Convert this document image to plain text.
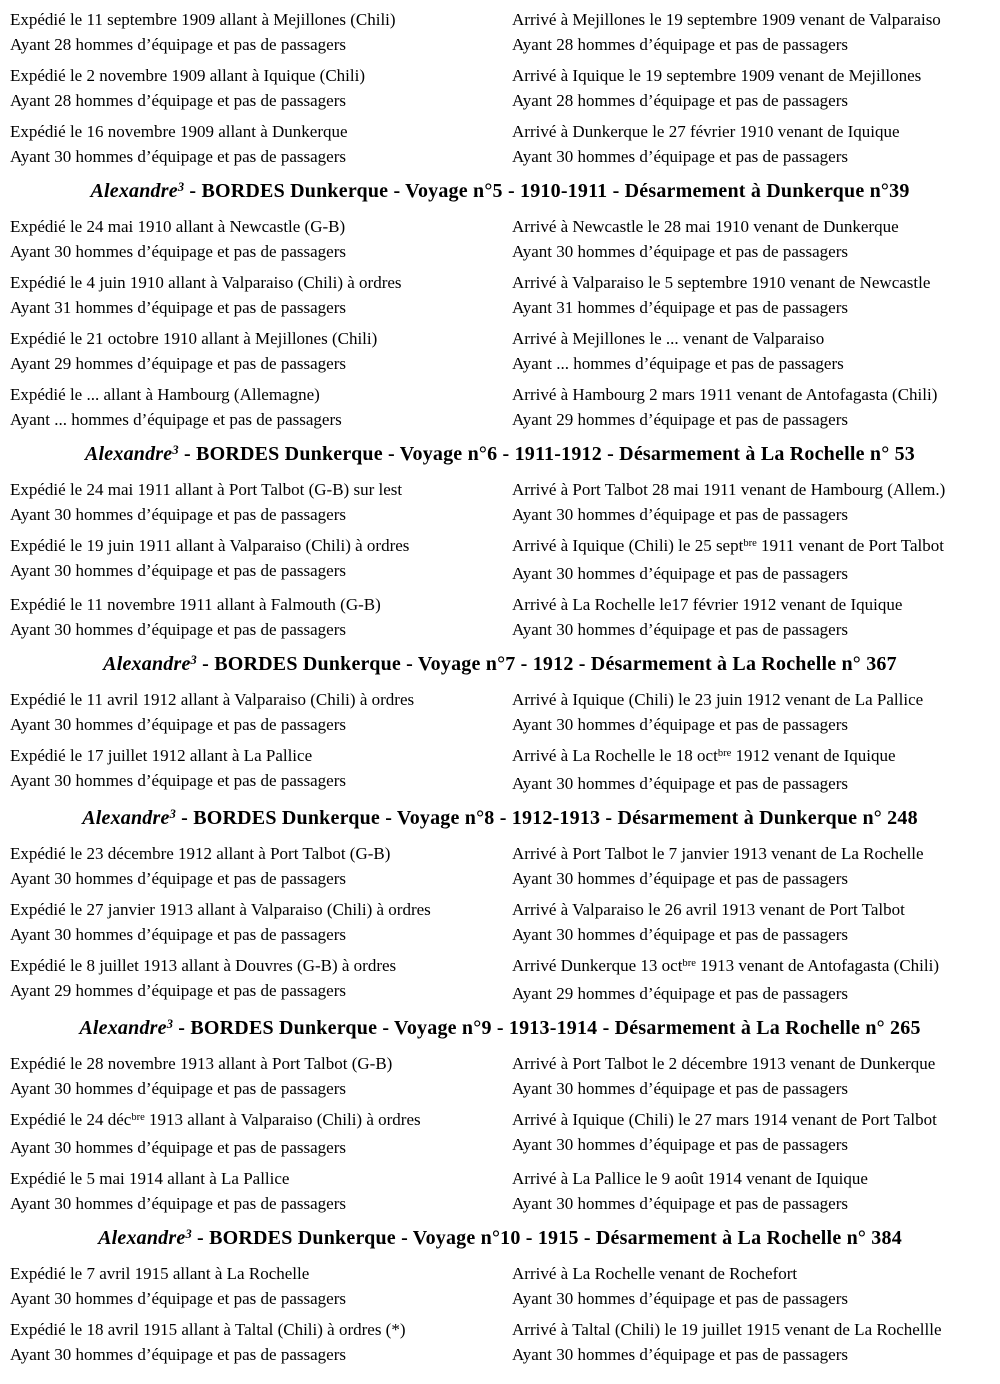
Expédié le 11 septembre 1909 allant à Mejillones (Chili)
Ayant 28 hommes d’équipage et pas de passagers
Arrivé à Mejillones le 19 septembre 1909 venant de Valparaiso
Ayant 28 hommes d’équipage et pas de passagers
Expédié le 2 novembre 1909 allant à Iquique (Chili)
Ayant 28 hommes d’équipage et pas de passagers
Arrivé à Iquique le 19 septembre 1909 venant de Mejillones
Ayant 28 hommes d’équipage et pas de passagers
Expédié le 16 novembre 1909 allant à Dunkerque
Ayant 30 hommes d’équipage et pas de passagers
Arrivé à Dunkerque le 27 février 1910 venant de Iquique
Ayant 30 hommes d’équipage et pas de passagers
Alexandre$^3$ - BORDES Dunkerque - Voyage n°5 - 1910-1911 - Désarmement à Dunkerque n°39
Expédié le 24 mai 1910 allant à Newcastle (G-B)
Ayant 30 hommes d’équipage et pas de passagers
Arrivé à Newcastle le 28 mai 1910 venant de Dunkerque
Ayant 30 hommes d’équipage et pas de passagers
Expédié le 4 juin 1910 allant à Valparaiso (Chili) à ordres
Ayant 31 hommes d’équipage et pas de passagers
Arrivé à Valparaiso le 5 septembre 1910 venant de Newcastle
Ayant 31 hommes d’équipage et pas de passagers
Expédié le 21 octobre 1910 allant à Mejillones (Chili)
Ayant 29 hommes d’équipage et pas de passagers
Arrivé à Mejillones le ... venant de Valparaiso
Ayant ... hommes d’équipage et pas de passagers
Expédié le ... allant à Hambourg (Allemagne)
Ayant ... hommes d’équipage et pas de passagers
Arrivé à Hambourg 2 mars 1911 venant de Antofagasta (Chili)
Ayant 29 hommes d’équipage et pas de passagers
Alexandre$^3$ - BORDES Dunkerque - Voyage n°6 - 1911-1912 - Désarmement à La Rochelle n° 53
Expédié le 24 mai 1911 allant à Port Talbot (G-B) sur lest
Ayant 30 hommes d’équipage et pas de passagers
Arrivé à Port Talbot 28 mai 1911 venant de Hambourg (Allem.)
Ayant 30 hommes d’équipage et pas de passagers
Expédié le 19 juin 1911 allant à Valparaiso (Chili) à ordres
Ayant 30 hommes d’équipage et pas de passagers
Arrivé à Iquique (Chili) le 25 sept$^{bre}$ 1911 venant de Port Talbot
Ayant 30 hommes d’équipage et pas de passagers
Expédié le 11 novembre 1911 allant à Falmouth (G-B)
Ayant 30 hommes d’équipage et pas de passagers
Arrivé à La Rochelle le17 février 1912 venant de Iquique
Ayant 30 hommes d’équipage et pas de passagers
Alexandre$^3$ - BORDES Dunkerque - Voyage n°7 - 1912 - Désarmement à La Rochelle n° 367
Expédié le 11 avril 1912 allant à Valparaiso (Chili) à ordres
Ayant 30 hommes d’équipage et pas de passagers
Arrivé à Iquique (Chili) le 23 juin 1912 venant de La Pallice
Ayant 30 hommes d’équipage et pas de passagers
Expédié le 17 juillet 1912 allant à La Pallice
Ayant 30 hommes d’équipage et pas de passagers
Arrivé à La Rochelle le 18 oct$^{bre}$ 1912 venant de Iquique
Ayant 30 hommes d’équipage et pas de passagers
Alexandre$^3$ - BORDES Dunkerque - Voyage n°8 - 1912-1913 - Désarmement à Dunkerque n° 248
Expédié le 23 décembre 1912 allant à Port Talbot (G-B)
Ayant 30 hommes d’équipage et pas de passagers
Arrivé à Port Talbot le 7 janvier 1913 venant de La Rochelle
Ayant 30 hommes d’équipage et pas de passagers
Expédié le 27 janvier 1913 allant à Valparaiso (Chili) à ordres
Ayant 30 hommes d’équipage et pas de passagers
Arrivé à Valparaiso le 26 avril 1913 venant de Port Talbot
Ayant 30 hommes d’équipage et pas de passagers
Expédié le 8 juillet 1913 allant à Douvres (G-B) à ordres
Ayant 29 hommes d’équipage et pas de passagers
Arrivé Dunkerque 13 oct$^{bre}$ 1913 venant de Antofagasta (Chili)
Ayant 29 hommes d’équipage et pas de passagers
Alexandre$^3$ - BORDES Dunkerque - Voyage n°9 - 1913-1914 - Désarmement à La Rochelle n° 265
Expédié le 28 novembre 1913 allant à Port Talbot (G-B)
Ayant 30 hommes d’équipage et pas de passagers
Arrivé à Port Talbot le 2 décembre 1913 venant de Dunkerque
Ayant 30 hommes d’équipage et pas de passagers
Expédié le 24 déc$^{bre}$ 1913 allant à Valparaiso (Chili) à ordres
Ayant 30 hommes d’équipage et pas de passagers
Arrivé à Iquique (Chili) le 27 mars 1914 venant de Port Talbot
Ayant 30 hommes d’équipage et pas de passagers
Expédié le 5 mai 1914 allant à La Pallice
Ayant 30 hommes d’équipage et pas de passagers
Arrivé à La Pallice le 9 août 1914 venant de Iquique
Ayant 30 hommes d’équipage et pas de passagers
Alexandre$^3$ - BORDES Dunkerque - Voyage n°10 - 1915 - Désarmement à La Rochelle n° 384
Expédié le 7 avril 1915 allant à La Rochelle
Ayant 30 hommes d’équipage et pas de passagers
Arrivé à La Rochelle venant de Rochefort
Ayant 30 hommes d’équipage et pas de passagers
Expédié le 18 avril 1915 allant à Taltal (Chili) à ordres (*)
Ayant 30 hommes d’équipage et pas de passagers
Arrivé à Taltal (Chili) le 19 juillet 1915 venant de La Rochellle
Ayant 30 hommes d’équipage et pas de passagers
